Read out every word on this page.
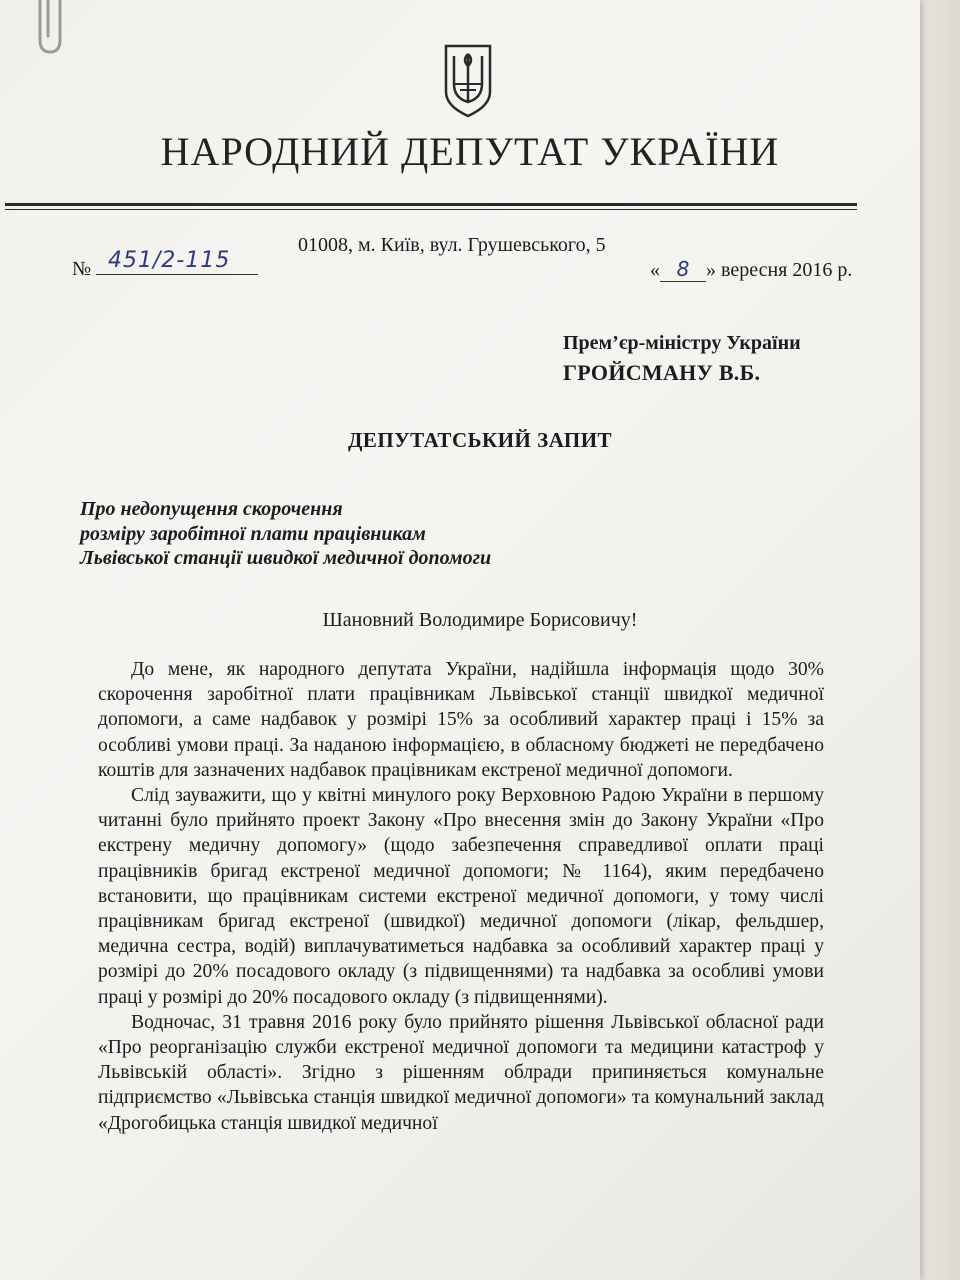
НАРОДНИЙ ДЕПУТАТ УКРАЇНИ
01008, м. Київ, вул. Грушевського, 5
№ 451/2-115	« 8 » вересня 2016 р.
Прем’єр-міністру України
ГРОЙСМАНУ В.Б.
ДЕПУТАТСЬКИЙ ЗАПИТ
Про недопущення скорочення
розміру заробітної плати працівникам
Львівської станції швидкої медичної допомоги
Шановний Володимире Борисовичу!

До мене, як народного депутата України, надійшла інформація щодо 30% скорочення заробітної плати працівникам Львівської станції швидкої медичної допомоги, а саме надбавок у розмірі 15% за особливий характер праці і 15% за особливі умови праці. За наданою інформацією, в обласному бюджеті не передбачено коштів для зазначених надбавок працівникам екстреної медичної допомоги.

Слід зауважити, що у квітні минулого року Верховною Радою України в першому читанні було прийнято проект Закону «Про внесення змін до Закону України «Про екстрену медичну допомогу» (щодо забезпечення справедливої оплати праці працівників бригад екстреної медичної допомоги; № 1164), яким передбачено встановити, що працівникам системи екстреної медичної допомоги, у тому числі працівникам бригад екстреної (швидкої) медичної допомоги (лікар, фельдшер, медична сестра, водій) виплачуватиметься надбавка за особливий характер праці у розмірі до 20% посадового окладу (з підвищеннями) та надбавка за особливі умови праці у розмірі до 20% посадового окладу (з підвищеннями).

Водночас, 31 травня 2016 року було прийнято рішення Львівської обласної ради «Про реорганізацію служби екстреної медичної допомоги та медицини катастроф у Львівській області». Згідно з рішенням облради припиняється комунальне підприємство «Львівська станція швидкої медичної допомоги» та комунальний заклад «Дрогобицька станція швидкої медичної
